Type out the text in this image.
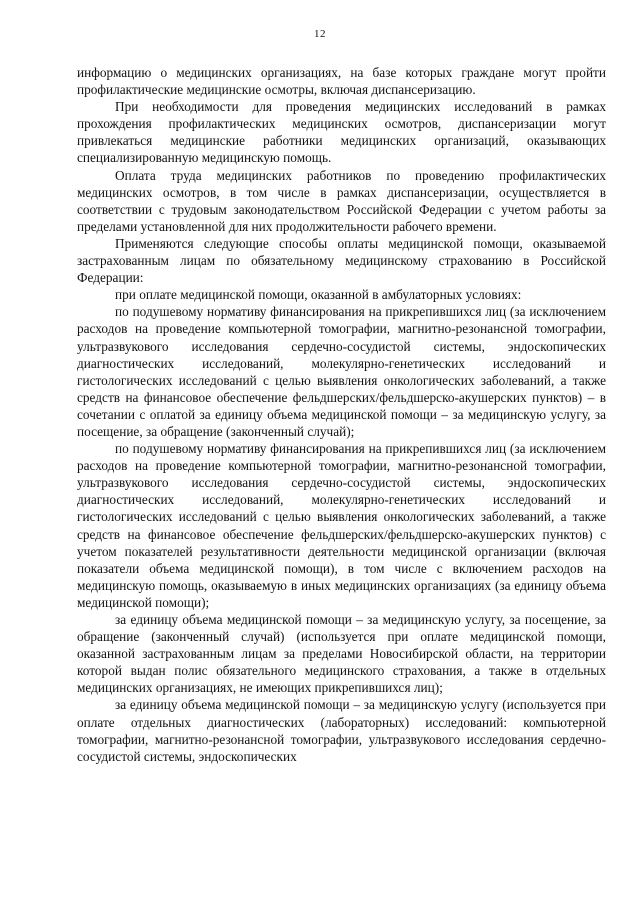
12

информацию о медицинских организациях, на базе которых граждане могут пройти профилактические медицинские осмотры, включая диспансеризацию.

При необходимости для проведения медицинских исследований в рамках прохождения профилактических медицинских осмотров, диспансеризации могут привлекаться медицинские работники медицинских организаций, оказывающих специализированную медицинскую помощь.

Оплата труда медицинских работников по проведению профилактических медицинских осмотров, в том числе в рамках диспансеризации, осуществляется в соответствии с трудовым законодательством Российской Федерации с учетом работы за пределами установленной для них продолжительности рабочего времени.

Применяются следующие способы оплаты медицинской помощи, оказываемой застрахованным лицам по обязательному медицинскому страхованию в Российской Федерации:

при оплате медицинской помощи, оказанной в амбулаторных условиях:

по подушевому нормативу финансирования на прикрепившихся лиц (за исключением расходов на проведение компьютерной томографии, магнитно-резонансной томографии, ультразвукового исследования сердечно-сосудистой системы, эндоскопических диагностических исследований, молекулярно-генетических исследований и гистологических исследований с целью выявления онкологических заболеваний, а также средств на финансовое обеспечение фельдшерских/фельдшерско-акушерских пунктов) – в сочетании с оплатой за единицу объема медицинской помощи – за медицинскую услугу, за посещение, за обращение (законченный случай);

по подушевому нормативу финансирования на прикрепившихся лиц (за исключением расходов на проведение компьютерной томографии, магнитно-резонансной томографии, ультразвукового исследования сердечно-сосудистой системы, эндоскопических диагностических исследований, молекулярно-генетических исследований и гистологических исследований с целью выявления онкологических заболеваний, а также средств на финансовое обеспечение фельдшерских/фельдшерско-акушерских пунктов) с учетом показателей результативности деятельности медицинской организации (включая показатели объема медицинской помощи), в том числе с включением расходов на медицинскую помощь, оказываемую в иных медицинских организациях (за единицу объема медицинской помощи);

за единицу объема медицинской помощи – за медицинскую услугу, за посещение, за обращение (законченный случай) (используется при оплате медицинской помощи, оказанной застрахованным лицам за пределами Новосибирской области, на территории которой выдан полис обязательного медицинского страхования, а также в отдельных медицинских организациях, не имеющих прикрепившихся лиц);

за единицу объема медицинской помощи – за медицинскую услугу (используется при оплате отдельных диагностических (лабораторных) исследований: компьютерной томографии, магнитно-резонансной томографии, ультразвукового исследования сердечно-сосудистой системы, эндоскопических
